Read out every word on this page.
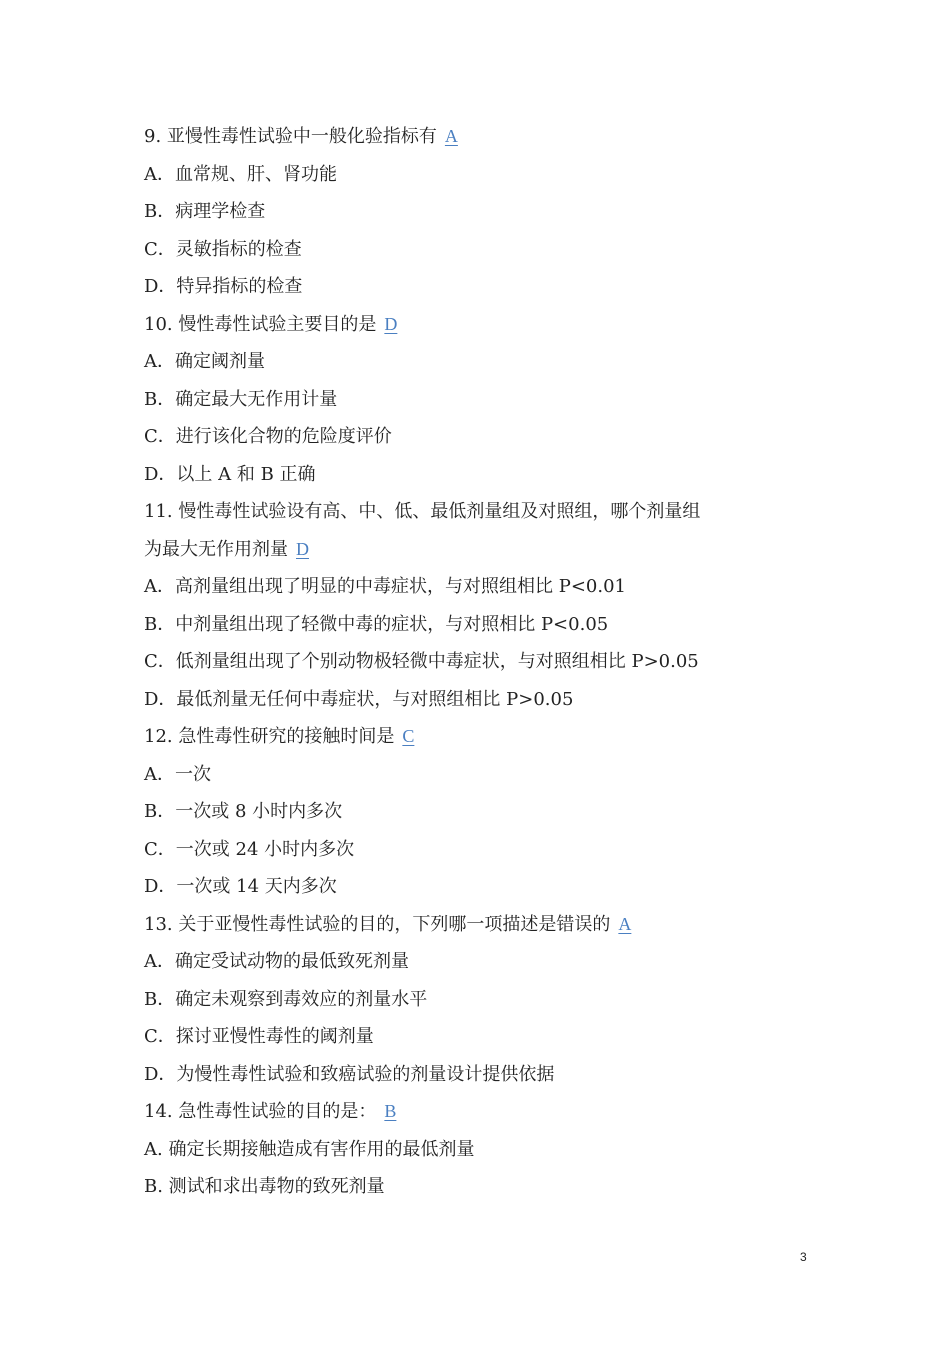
9. 亚慢性毒性试验中一般化验指标有 A
A．血常规、肝、肾功能
B．病理学检查
C．灵敏指标的检查
D．特异指标的检查
10. 慢性毒性试验主要目的是 D
A．确定阈剂量
B．确定最大无作用计量
C．进行该化合物的危险度评价
D．以上 A 和 B 正确
11. 慢性毒性试验设有高、中、低、最低剂量组及对照组，哪个剂量组
为最大无作用剂量 D
A．高剂量组出现了明显的中毒症状，与对照组相比 P<0.01
B．中剂量组出现了轻微中毒的症状，与对照相比 P<0.05
C．低剂量组出现了个别动物极轻微中毒症状，与对照组相比 P>0.05
D．最低剂量无任何中毒症状，与对照组相比 P>0.05
12. 急性毒性研究的接触时间是 C
A．一次
B．一次或 8 小时内多次
C．一次或 24 小时内多次
D．一次或 14 天内多次
13. 关于亚慢性毒性试验的目的，下列哪一项描述是错误的 A
A．确定受试动物的最低致死剂量
B．确定未观察到毒效应的剂量水平
C．探讨亚慢性毒性的阈剂量
D．为慢性毒性试验和致癌试验的剂量设计提供依据
14. 急性毒性试验的目的是： B
A. 确定长期接触造成有害作用的最低剂量
B. 测试和求出毒物的致死剂量
3
